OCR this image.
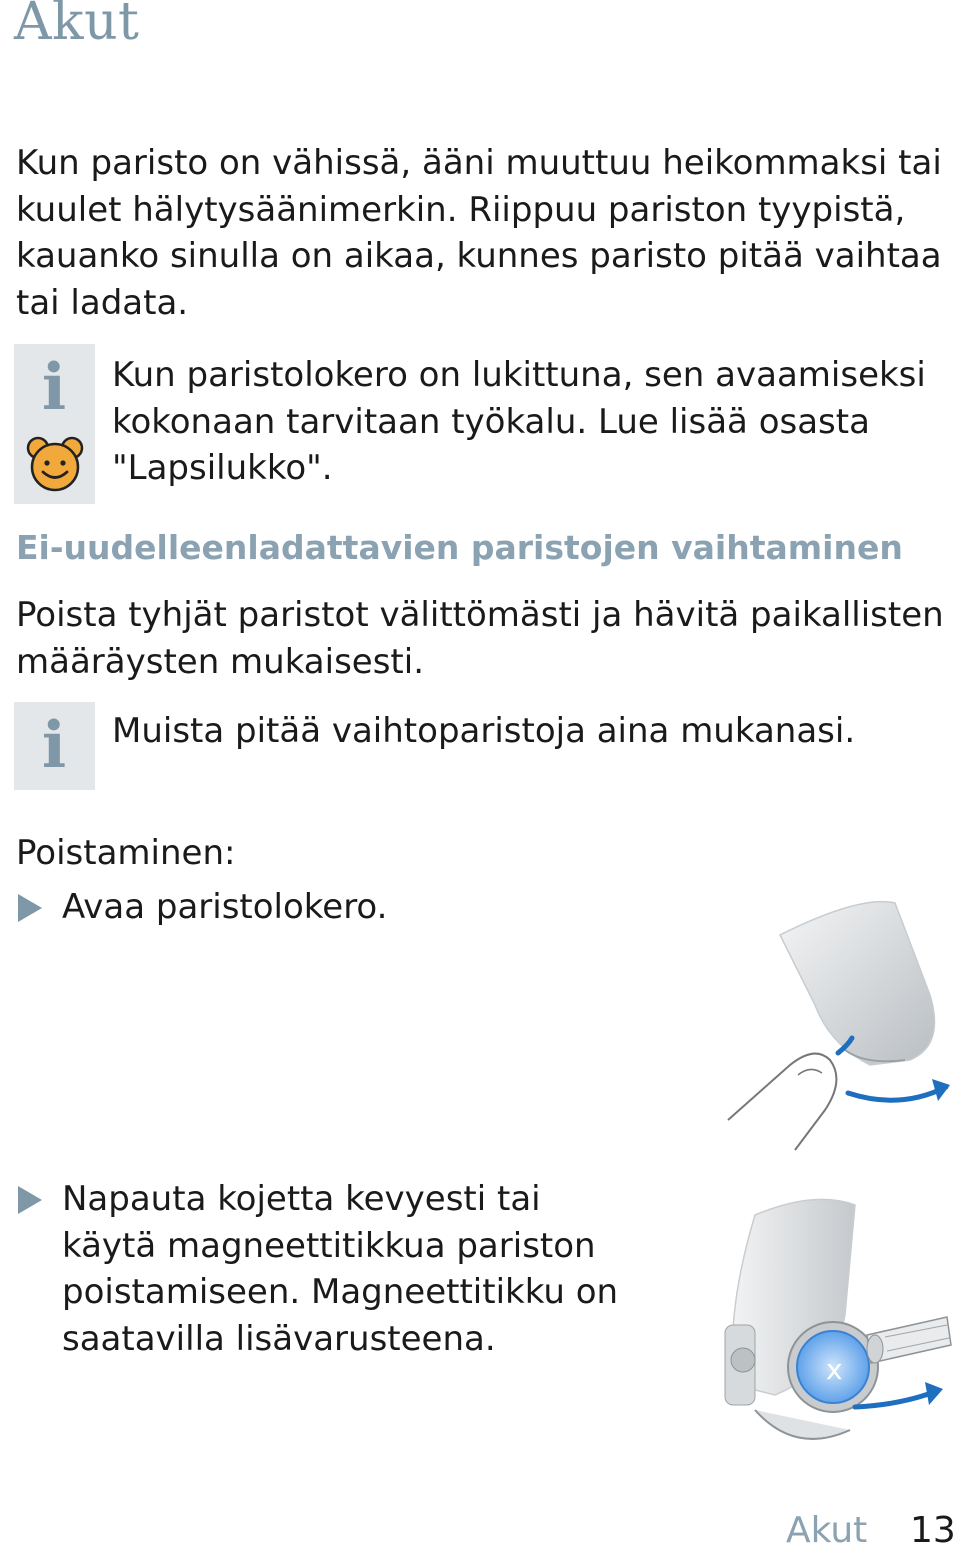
Akut
Kun paristo on vähissä, ääni muuttuu heikommaksi tai kuulet hälytysäänimerkin. Riippuu pariston tyypistä, kauanko sinulla on aikaa, kunnes paristo pitää vaihtaa tai ladata.
i	Kun paristolokero on lukittuna, sen avaamiseksi
kokonaan tarvitaan työkalu. Lue lisää osasta
"Lapsilukko".
Ei-uudelleenladattavien paristojen vaihtaminen
Poista tyhjät paristot välittömästi ja hävitä paikallisten määräysten mukaisesti.
i	Muista pitää vaihtoparistoja aina mukanasi.
Poistaminen:
Avaa paristolokero.
Napauta kojetta kevyesti tai
käytä magneettitikkua pariston
poistamiseen. Magneettitikku on
saatavilla lisävarusteena.
x
Akut 13
